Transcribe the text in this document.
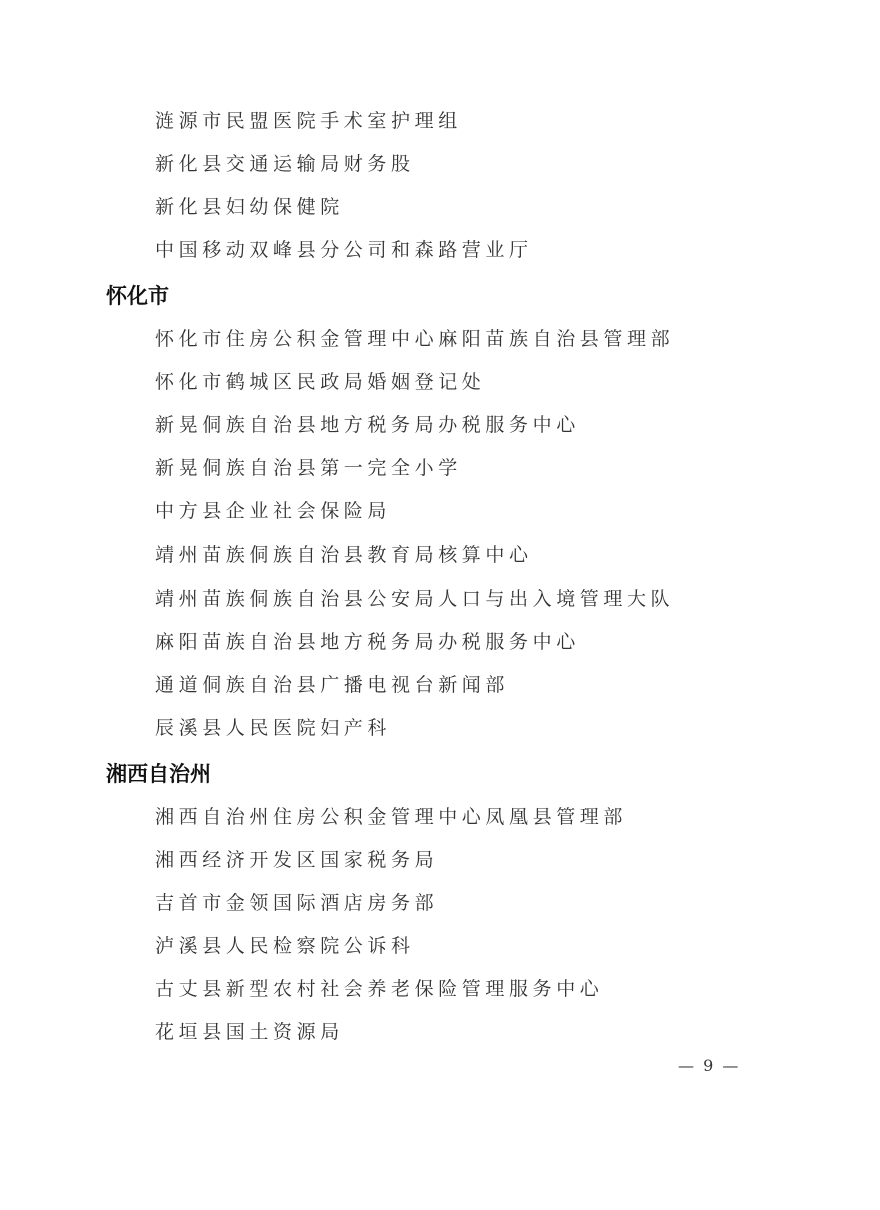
涟源市民盟医院手术室护理组
新化县交通运输局财务股
新化县妇幼保健院
中国移动双峰县分公司和森路营业厅
怀化市
怀化市住房公积金管理中心麻阳苗族自治县管理部
怀化市鹤城区民政局婚姻登记处
新晃侗族自治县地方税务局办税服务中心
新晃侗族自治县第一完全小学
中方县企业社会保险局
靖州苗族侗族自治县教育局核算中心
靖州苗族侗族自治县公安局人口与出入境管理大队
麻阳苗族自治县地方税务局办税服务中心
通道侗族自治县广播电视台新闻部
辰溪县人民医院妇产科
湘西自治州
湘西自治州住房公积金管理中心凤凰县管理部
湘西经济开发区国家税务局
吉首市金领国际酒店房务部
泸溪县人民检察院公诉科
古丈县新型农村社会养老保险管理服务中心
花垣县国土资源局
— 9 —
